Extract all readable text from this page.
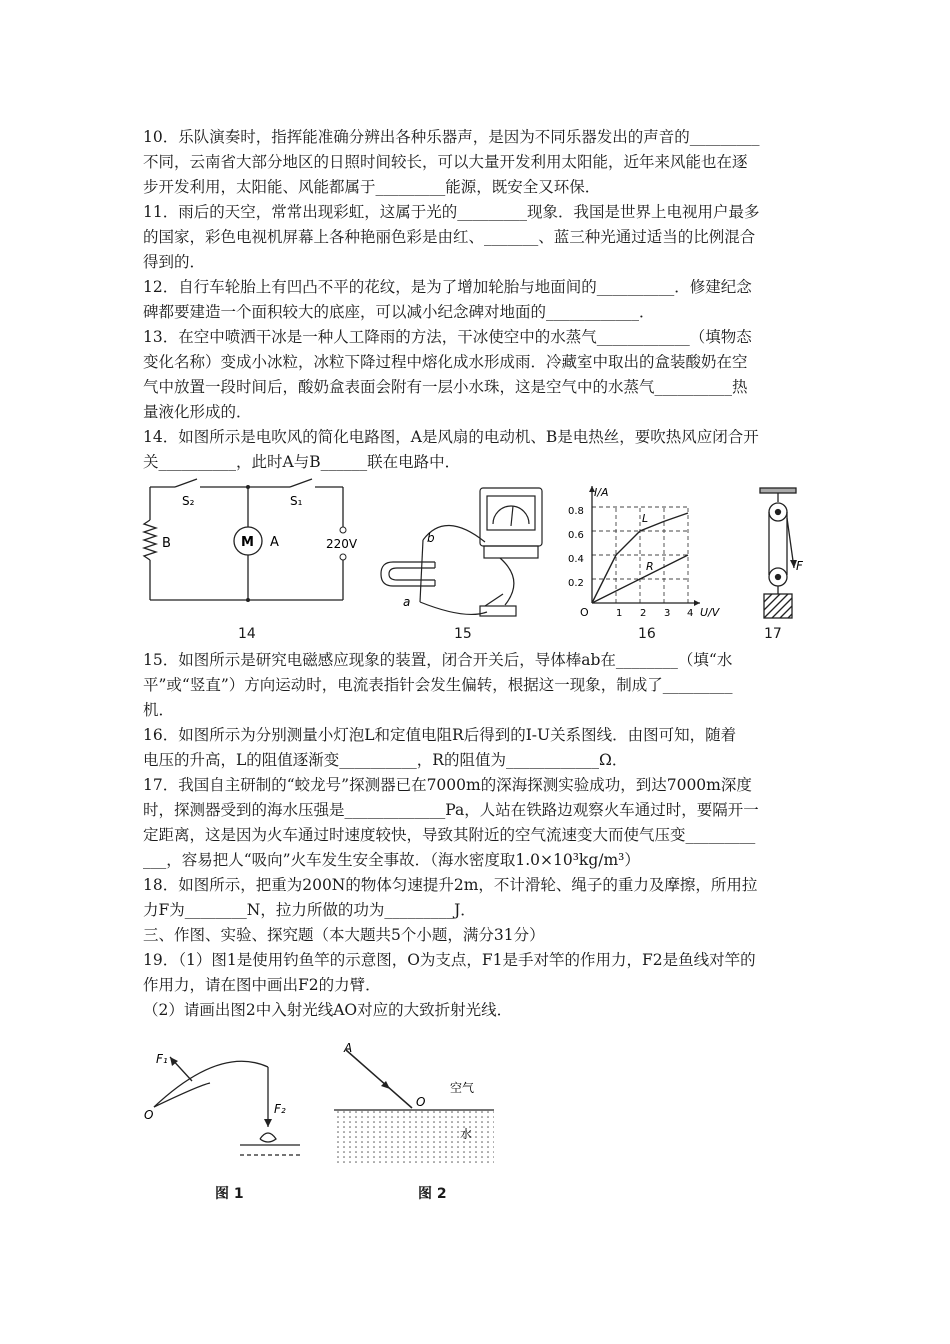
10．乐队演奏时，指挥能准确分辨出各种乐器声，是因为不同乐器发出的声音的_________
不同，云南省大部分地区的日照时间较长，可以大量开发利用太阳能，近年来风能也在逐
步开发利用，太阳能、风能都属于_________能源，既安全又环保．
11．雨后的天空，常常出现彩虹，这属于光的_________现象．我国是世界上电视用户最多
的国家，彩色电视机屏幕上各种艳丽色彩是由红、_______、蓝三种光通过适当的比例混合
得到的．
12．自行车轮胎上有凹凸不平的花纹，是为了增加轮胎与地面间的__________．修建纪念
碑都要建造一个面积较大的底座，可以减小纪念碑对地面的____________．
13．在空中喷洒干冰是一种人工降雨的方法，干冰使空中的水蒸气____________（填物态
变化名称）变成小冰粒，冰粒下降过程中熔化成水形成雨．冷藏室中取出的盒装酸奶在空
气中放置一段时间后，酸奶盒表面会附有一层小水珠，这是空气中的水蒸气__________热
量液化形成的．
14．如图所示是电吹风的简化电路图，A是风扇的电动机、B是电热丝，要吹热风应闭合开
关__________，此时A与B______联在电路中．
S₂	S₁
B	M A	220V
a
b
I/A
U/V
O
0.2
0.4
0.6
0.8
1 2 3 4
L
R	F
14	15	16	17
15．如图所示是研究电磁感应现象的装置，闭合开关后，导体棒ab在________（填“水
平”或“竖直”）方向运动时，电流表指针会发生偏转，根据这一现象，制成了_________
机．
16．如图所示为分别测量小灯泡L和定值电阻R后得到的I-U关系图线．由图可知，随着
电压的升高，L的阻值逐渐变__________，R的阻值为____________Ω．
17．我国自主研制的“蛟龙号”探测器已在7000m的深海探测实验成功，到达7000m深度
时，探测器受到的海水压强是_____________Pa，人站在铁路边观察火车通过时，要隔开一
定距离，这是因为火车通过时速度较快，导致其附近的空气流速变大而使气压变_________
___，容易把人“吸向”火车发生安全事故．（海水密度取1.0×10³kg/m³）
18．如图所示，把重为200N的物体匀速提升2m，不计滑轮、绳子的重力及摩擦，所用拉
力F为________N，拉力所做的功为_________J．
三、作图、实验、探究题（本大题共5个小题，满分31分）
19．（1）图1是使用钓鱼竿的示意图，O为支点，F1是手对竿的作用力，F2是鱼线对竿的
作用力，请在图中画出F2的力臂．
（2）请画出图2中入射光线AO对应的大致折射光线．
F₁
F₂
O
A
O
空气
水
图 1	图 2
